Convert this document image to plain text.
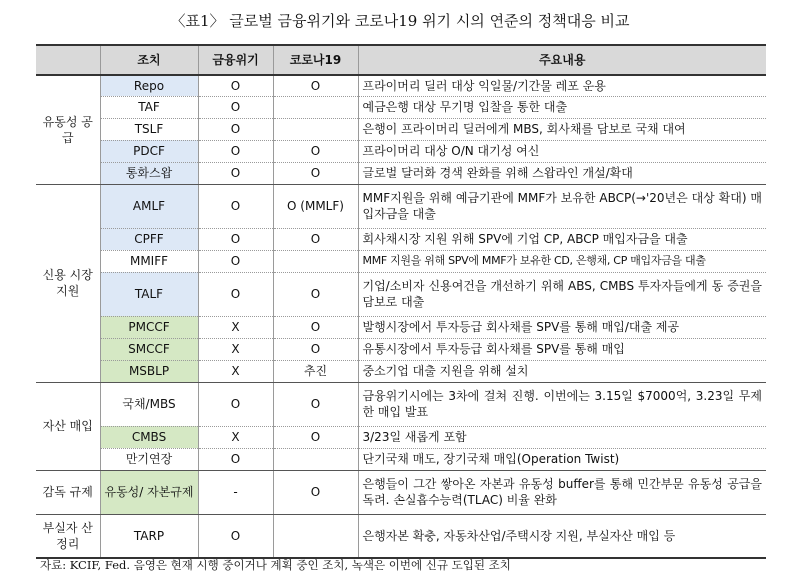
〈표1〉 글로벌 금융위기와 코로나19 위기 시의 연준의 정책대응 비교
	조치	금융위기	코로나19	주요내용
유동성 공급	Repo	O	O	프라이머리 딜러 대상 익일물/기간물 레포 운용
	TAF	O		예금은행 대상 무기명 입찰을 통한 대출
	TSLF	O		은행이 프라이머리 딜러에게 MBS, 회사채를 담보로 국채 대여
	PDCF	O	O	프라이머리 대상 O/N 대기성 여신
	통화스왑	O	O	글로벌 달러화 경색 완화를 위해 스왑라인 개설/확대
신용 시장 지원	AMLF	O	O (MMLF)	MMF지원을 위해 예금기관에 MMF가 보유한 ABCP(→'20년은 대상 확대) 매입자금을 대출
	CPFF	O	O	회사채시장 지원 위해 SPV에 기업 CP, ABCP 매입자금을 대출
	MMIFF	O		MMF 지원을 위해 SPV에 MMF가 보유한 CD, 은행채, CP 매입자금을 대출
	TALF	O	O	기업/소비자 신용여건을 개선하기 위해 ABS, CMBS 투자자들에게 동 증권을 담보로 대출
	PMCCF	X	O	발행시장에서 투자등급 회사채를 SPV를 통해 매입/대출 제공
	SMCCF	X	O	유통시장에서 투자등급 회사채를 SPV를 통해 매입
	MSBLP	X	추진	중소기업 대출 지원을 위해 설치
자산 매입	국채/MBS	O	O	금융위기시에는 3차에 걸쳐 진행. 이번에는 3.15일 $7000억, 3.23일 무제한 매입 발표
	CMBS	X	O	3/23일 새롭게 포함
	만기연장	O		단기국채 매도, 장기국채 매입(Operation Twist)
감독 규제	유동성/ 자본규제	-	O	은행들이 그간 쌓아온 자본과 유동성 buffer를 통해 민간부문 유동성 공급을 독려. 손실흡수능력(TLAC) 비율 완화
부실자 산정리	TARP	O		은행자본 확충, 자동차산업/주택시장 지원, 부실자산 매입 등
자료: KCIF, Fed. 음영은 현재 시행 중이거나 계획 중인 조치, 녹색은 이번에 신규 도입된 조치
